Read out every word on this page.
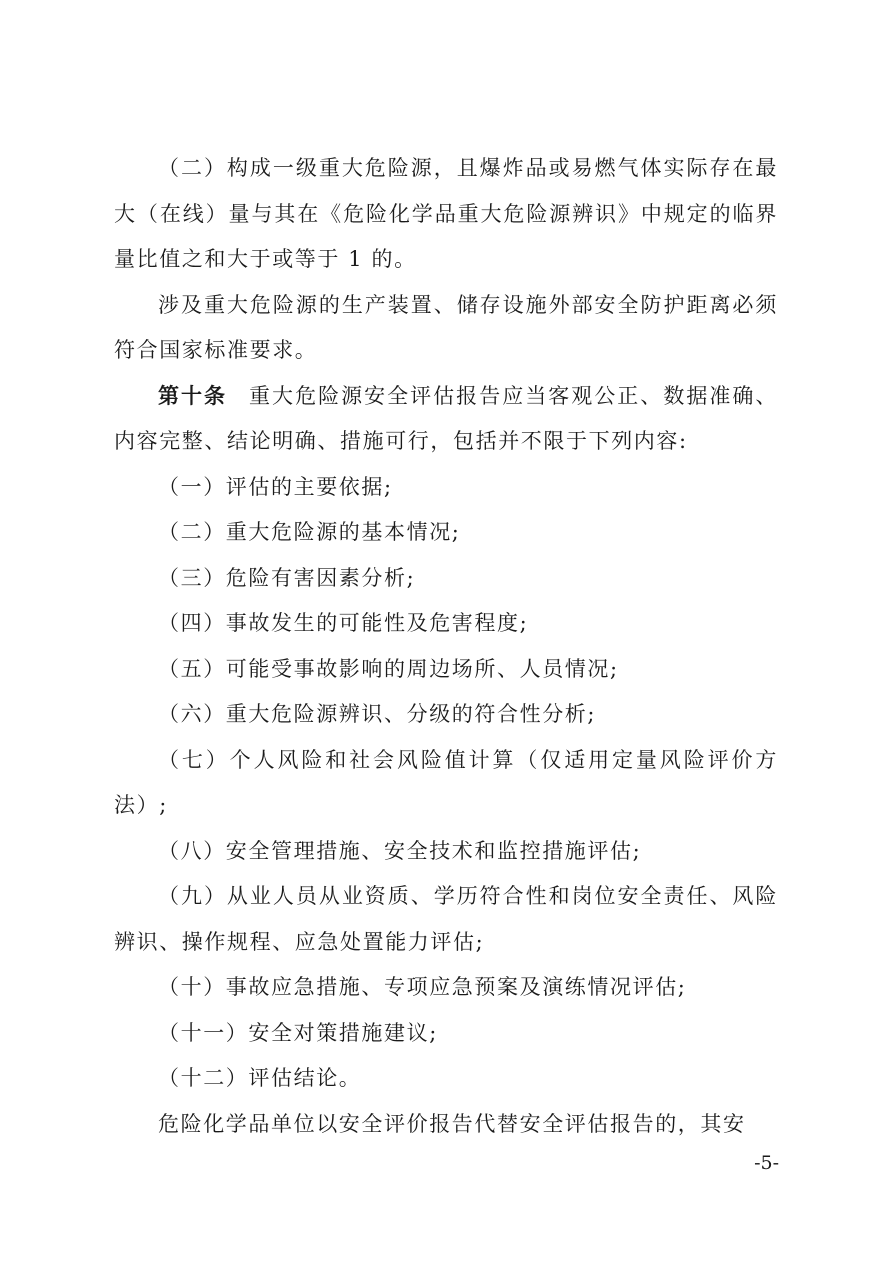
（二）构成一级重大危险源，且爆炸品或易燃气体实际存在最大（在线）量与其在《危险化学品重大危险源辨识》中规定的临界量比值之和大于或等于 1 的。

涉及重大危险源的生产装置、储存设施外部安全防护距离必须符合国家标准要求。

第十条 重大危险源安全评估报告应当客观公正、数据准确、内容完整、结论明确、措施可行，包括并不限于下列内容:

（一）评估的主要依据;

（二）重大危险源的基本情况;

（三）危险有害因素分析;

（四）事故发生的可能性及危害程度;

（五）可能受事故影响的周边场所、人员情况;

（六）重大危险源辨识、分级的符合性分析;

（七）个人风险和社会风险值计算（仅适用定量风险评价方法）;

（八）安全管理措施、安全技术和监控措施评估;

（九）从业人员从业资质、学历符合性和岗位安全责任、风险辨识、操作规程、应急处置能力评估;

（十）事故应急措施、专项应急预案及演练情况评估;

（十一）安全对策措施建议;

（十二）评估结论。

危险化学品单位以安全评价报告代替安全评估报告的，其安

-5-
